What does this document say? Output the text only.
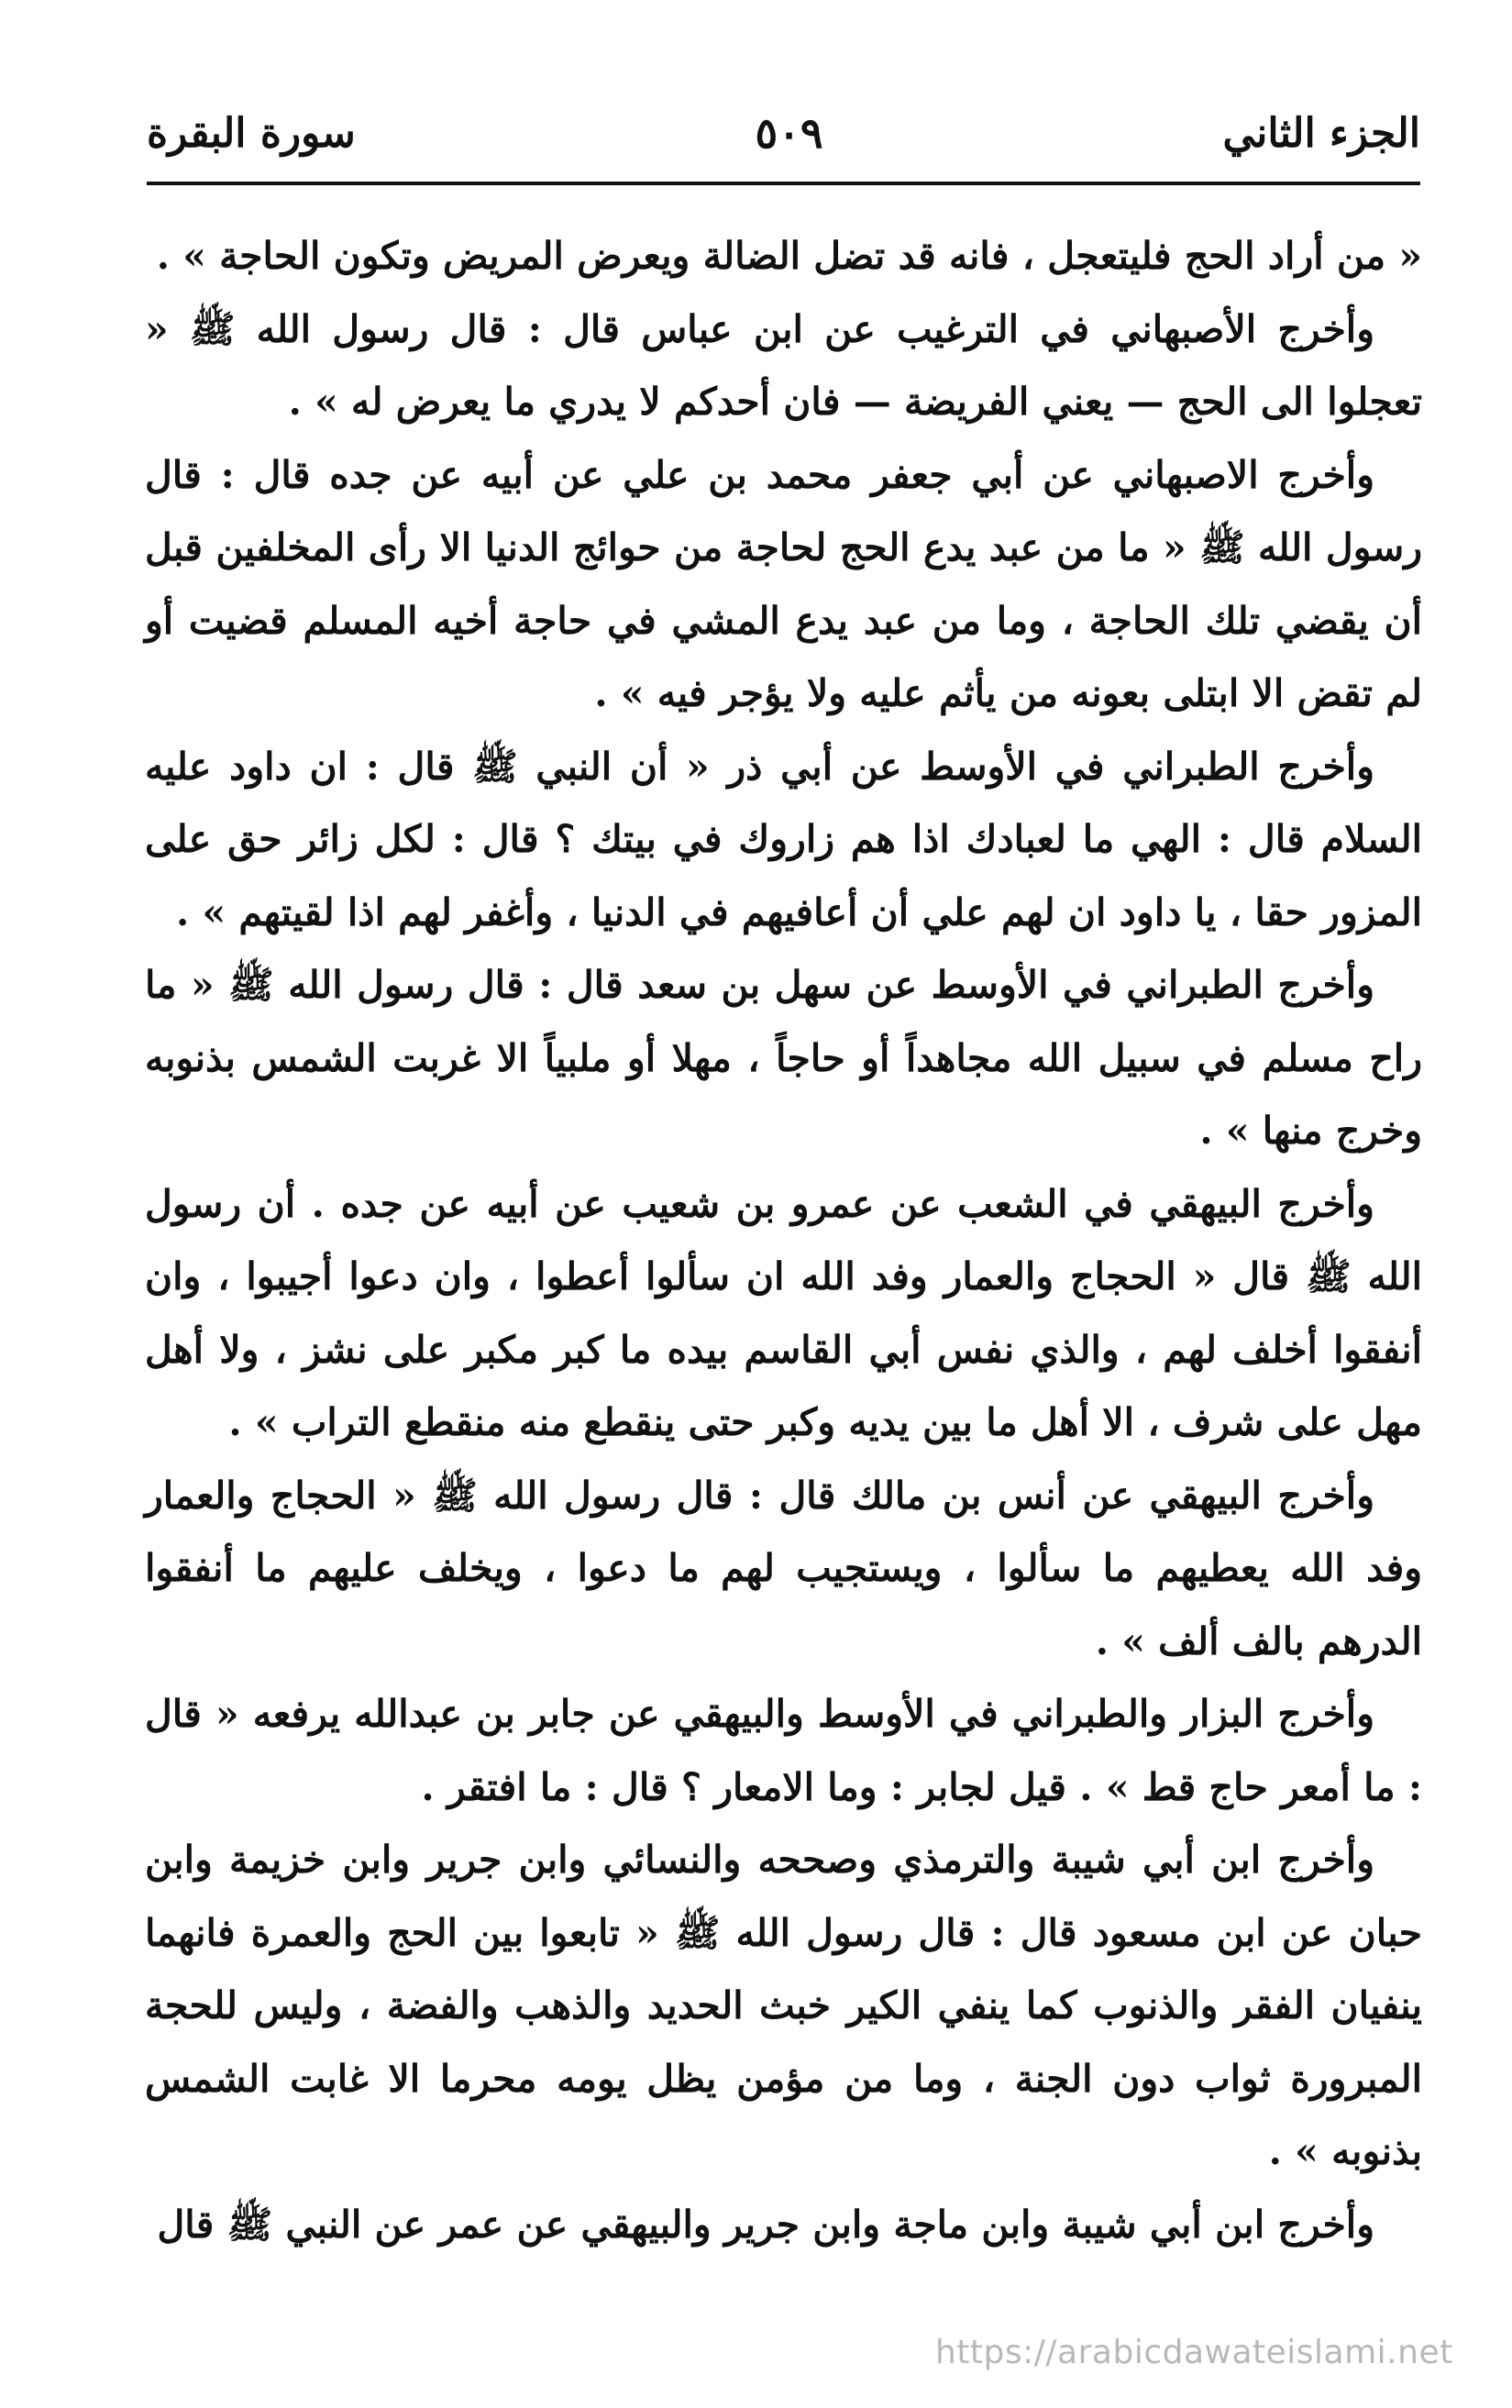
الجزء الثاني
٥٠٩
سورة البقرة

« من أراد الحج فليتعجل ، فانه قد تضل الضالة ويعرض المريض وتكون الحاجة » .

وأخرج الأصبهاني في الترغيب عن ابن عباس قال : قال رسول الله ﷺ « تعجلوا الى الحج — يعني الفريضة — فان أحدكم لا يدري ما يعرض له » .

وأخرج الاصبهاني عن أبي جعفر محمد بن علي عن أبيه عن جده قال : قال رسول الله ﷺ « ما من عبد يدع الحج لحاجة من حوائج الدنيا الا رأى المخلفين قبل أن يقضي تلك الحاجة ، وما من عبد يدع المشي في حاجة أخيه المسلم قضيت أو لم تقض الا ابتلى بعونه من يأثم عليه ولا يؤجر فيه » .

وأخرج الطبراني في الأوسط عن أبي ذر « أن النبي ﷺ قال : ان داود عليه السلام قال : الهي ما لعبادك اذا هم زاروك في بيتك ؟ قال : لكل زائر حق على المزور حقا ، يا داود ان لهم علي أن أعافيهم في الدنيا ، وأغفر لهم اذا لقيتهم » .

وأخرج الطبراني في الأوسط عن سهل بن سعد قال : قال رسول الله ﷺ « ما راح مسلم في سبيل الله مجاهداً أو حاجاً ، مهلا أو ملبياً الا غربت الشمس بذنوبه وخرج منها » .

وأخرج البيهقي في الشعب عن عمرو بن شعيب عن أبيه عن جده . أن رسول الله ﷺ قال « الحجاج والعمار وفد الله ان سألوا أعطوا ، وان دعوا أجيبوا ، وان أنفقوا أخلف لهم ، والذي نفس أبي القاسم بيده ما كبر مكبر على نشز ، ولا أهل مهل على شرف ، الا أهل ما بين يديه وكبر حتى ينقطع منه منقطع التراب » .

وأخرج البيهقي عن أنس بن مالك قال : قال رسول الله ﷺ « الحجاج والعمار وفد الله يعطيهم ما سألوا ، ويستجيب لهم ما دعوا ، ويخلف عليهم ما أنفقوا الدرهم بالف ألف » .

وأخرج البزار والطبراني في الأوسط والبيهقي عن جابر بن عبدالله يرفعه « قال : ما أمعر حاج قط » . قيل لجابر : وما الامعار ؟ قال : ما افتقر .

وأخرج ابن أبي شيبة والترمذي وصححه والنسائي وابن جرير وابن خزيمة وابن حبان عن ابن مسعود قال : قال رسول الله ﷺ « تابعوا بين الحج والعمرة فانهما ينفيان الفقر والذنوب كما ينفي الكير خبث الحديد والذهب والفضة ، وليس للحجة المبرورة ثواب دون الجنة ، وما من مؤمن يظل يومه محرما الا غابت الشمس بذنوبه » .

وأخرج ابن أبي شيبة وابن ماجة وابن جرير والبيهقي عن عمر عن النبي ﷺ قال

https://arabicdawateislami.net
